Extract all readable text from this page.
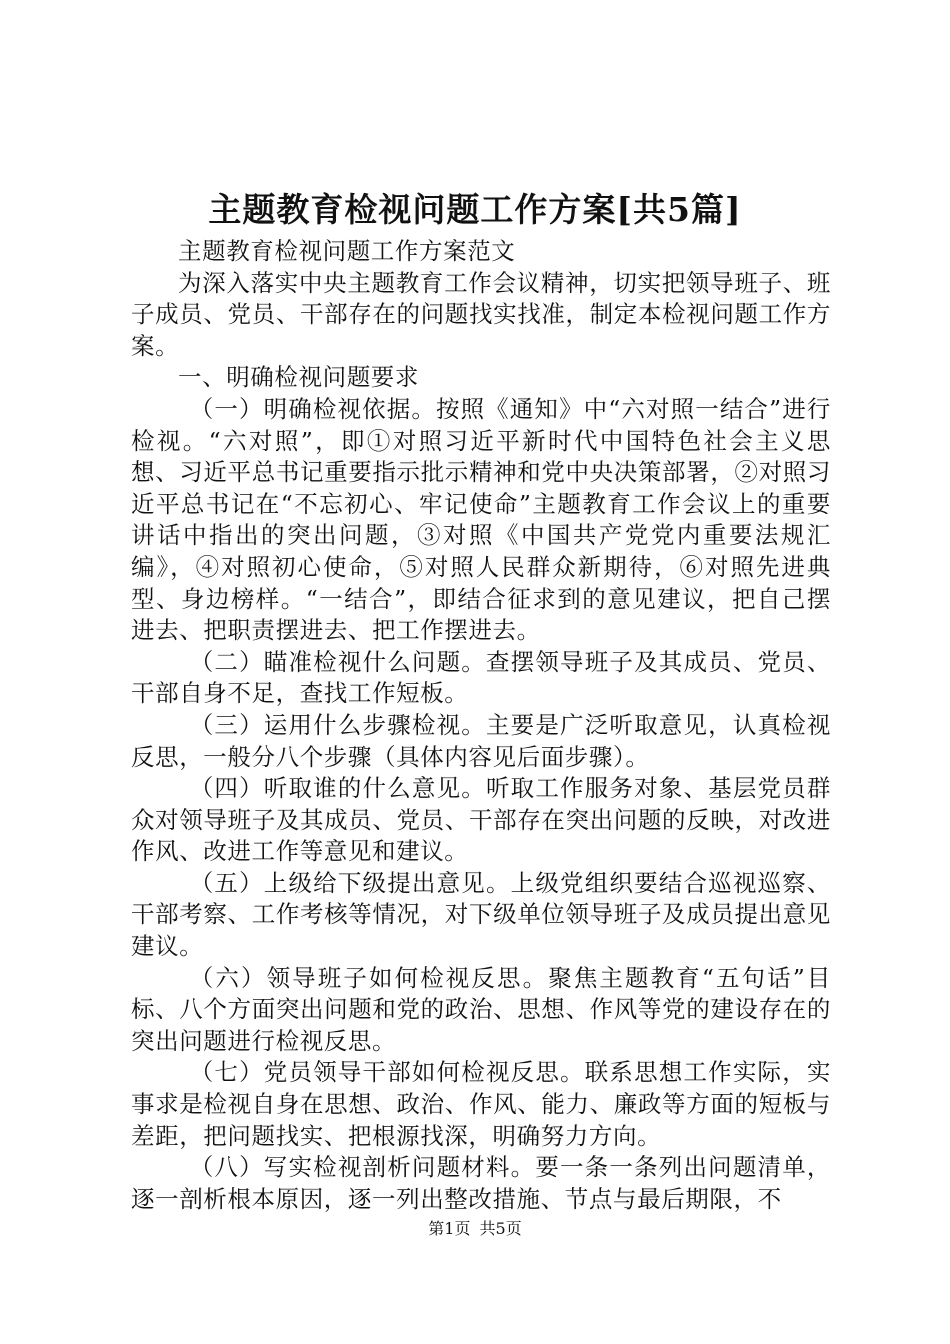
主题教育检视问题工作方案[共5篇]

主题教育检视问题工作方案范文

为深入落实中央主题教育工作会议精神，切实把领导班子、班子成员、党员、干部存在的问题找实找准，制定本检视问题工作方案。

一、明确检视问题要求

（一）明确检视依据。按照《通知》中“六对照一结合”进行检视。“六对照”，即①对照习近平新时代中国特色社会主义思想、习近平总书记重要指示批示精神和党中央决策部署，②对照习近平总书记在“不忘初心、牢记使命”主题教育工作会议上的重要讲话中指出的突出问题，③对照《中国共产党党内重要法规汇编》，④对照初心使命，⑤对照人民群众新期待，⑥对照先进典型、身边榜样。“一结合”，即结合征求到的意见建议，把自己摆进去、把职责摆进去、把工作摆进去。

（二）瞄准检视什么问题。查摆领导班子及其成员、党员、干部自身不足，查找工作短板。

（三）运用什么步骤检视。主要是广泛听取意见，认真检视反思，一般分八个步骤（具体内容见后面步骤）。

（四）听取谁的什么意见。听取工作服务对象、基层党员群众对领导班子及其成员、党员、干部存在突出问题的反映，对改进作风、改进工作等意见和建议。

（五）上级给下级提出意见。上级党组织要结合巡视巡察、干部考察、工作考核等情况，对下级单位领导班子及成员提出意见建议。

（六）领导班子如何检视反思。聚焦主题教育“五句话”目标、八个方面突出问题和党的政治、思想、作风等党的建设存在的突出问题进行检视反思。

（七）党员领导干部如何检视反思。联系思想工作实际，实事求是检视自身在思想、政治、作风、能力、廉政等方面的短板与差距，把问题找实、把根源找深，明确努力方向。

（八）写实检视剖析问题材料。要一条一条列出问题清单，逐一剖析根本原因，逐一列出整改措施、节点与最后期限，不

第1页 共5页
